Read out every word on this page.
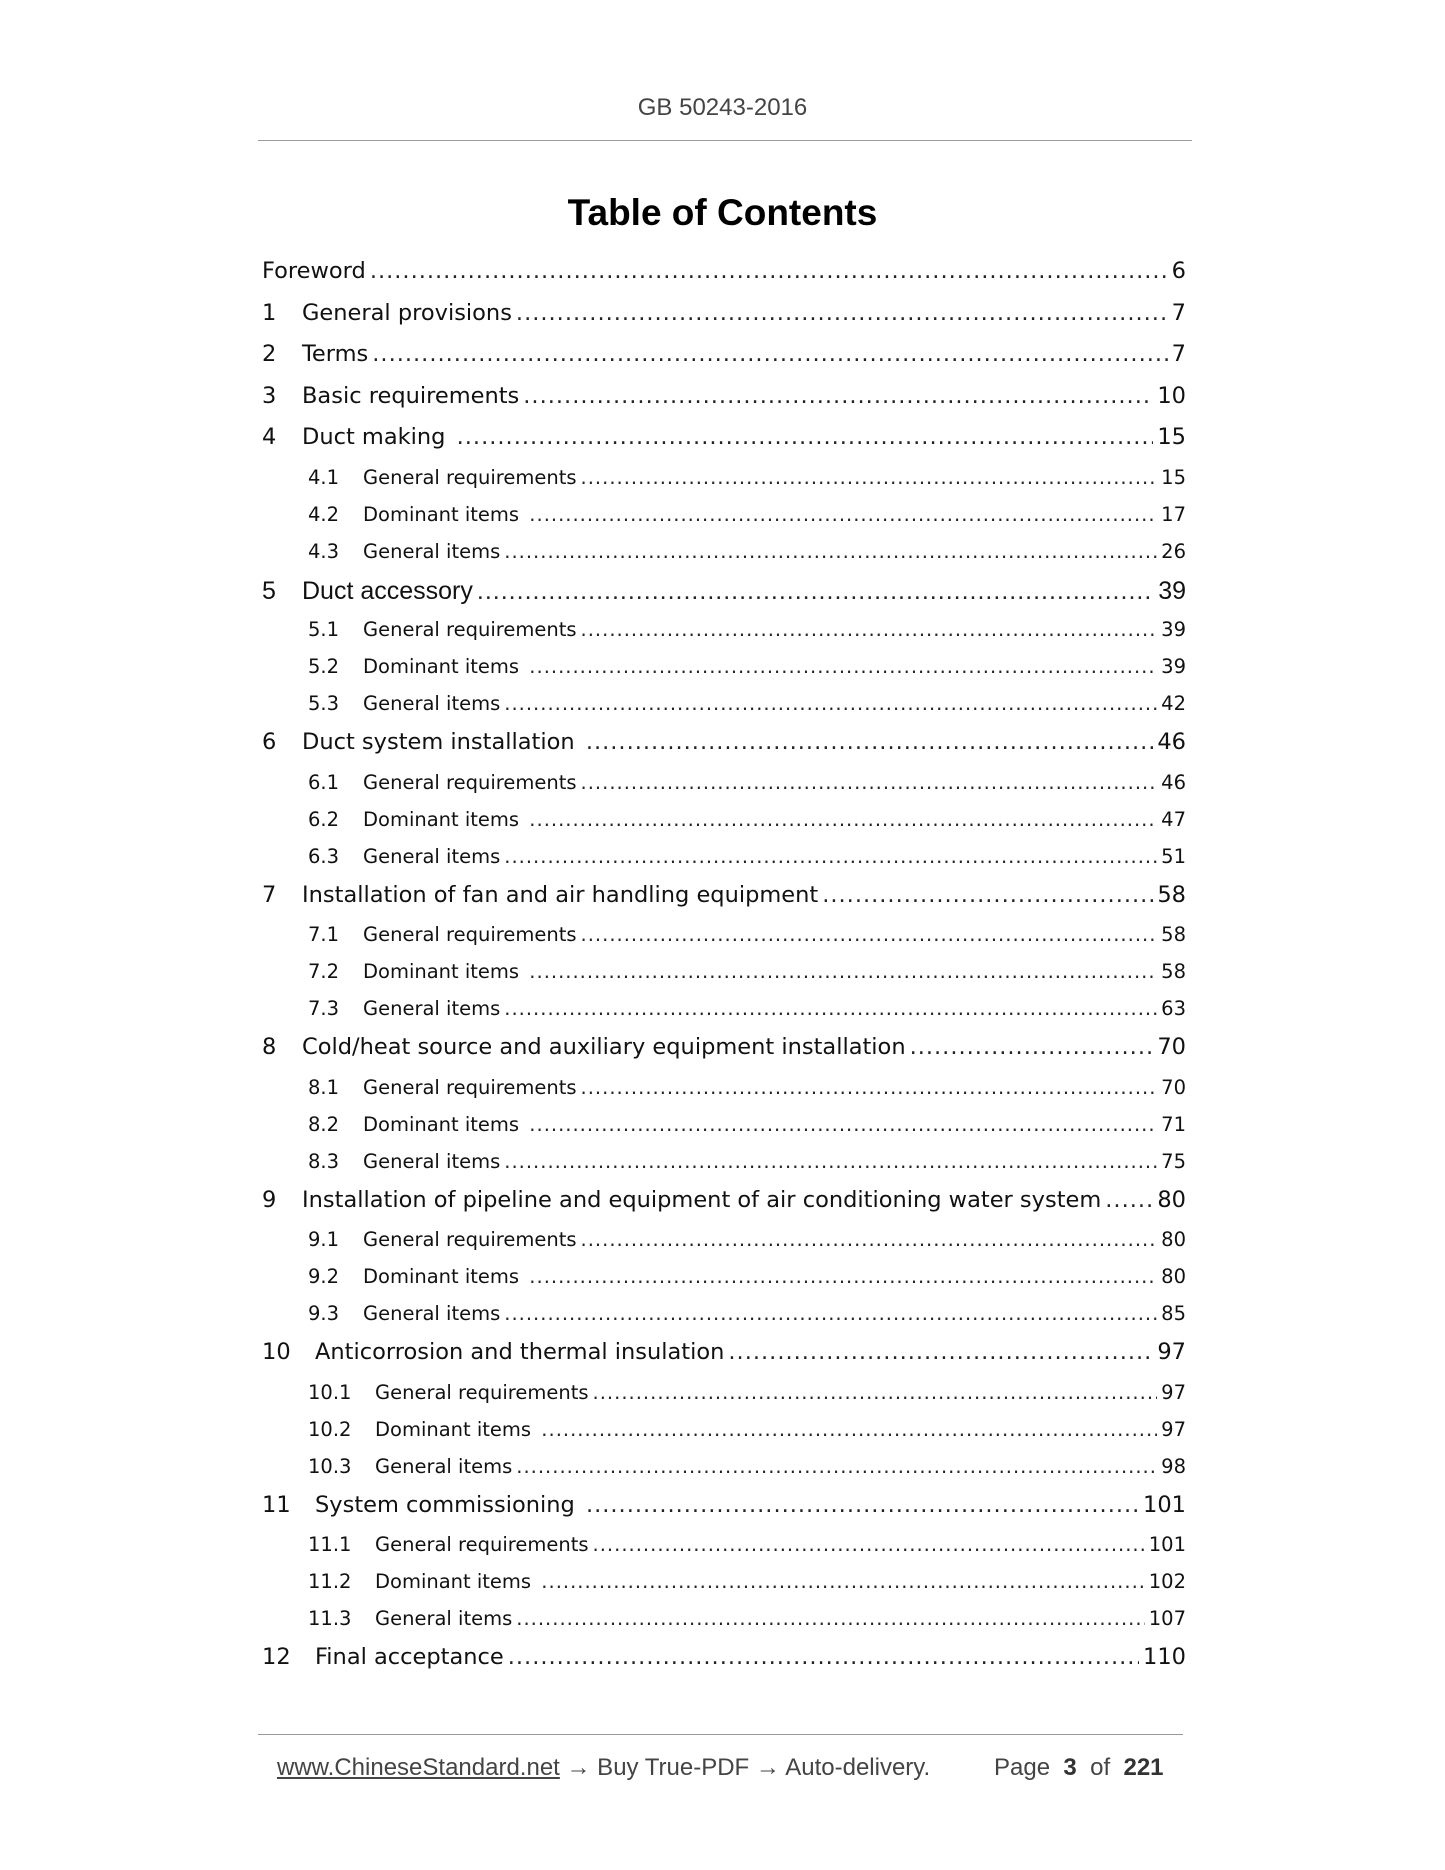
GB 50243-2016
Table of Contents
Foreword .....	6
1	General provisions .....	7
2	Terms .....	7
3	Basic requirements .....	10
4	Duct making .....	15
4.1	General requirements .....	15
4.2	Dominant items .....	17
4.3	General items .....	26
5	Duct accessory .....	39
5.1	General requirements .....	39
5.2	Dominant items .....	39
5.3	General items .....	42
6	Duct system installation .....	46
6.1	General requirements .....	46
6.2	Dominant items .....	47
6.3	General items .....	51
7	Installation of fan and air handling equipment .....	58
7.1	General requirements .....	58
7.2	Dominant items .....	58
7.3	General items .....	63
8	Cold/heat source and auxiliary equipment installation .....	70
8.1	General requirements .....	70
8.2	Dominant items .....	71
8.3	General items .....	75
9	Installation of pipeline and equipment of air conditioning water system ..... 80
9.1	General requirements .....	80
9.2	Dominant items .....	80
9.3	General items .....	85
10	Anticorrosion and thermal insulation .....	97
10.1	General requirements .....	97
10.2	Dominant items .....	97
10.3	General items .....	98
11	System commissioning .....	101
11.1	General requirements .....	101
11.2	Dominant items .....	102
11.3	General items .....	107
12	Final acceptance .....	110
www.ChineseStandard.net → Buy True-PDF → Auto-delivery.	Page 3 of 221
